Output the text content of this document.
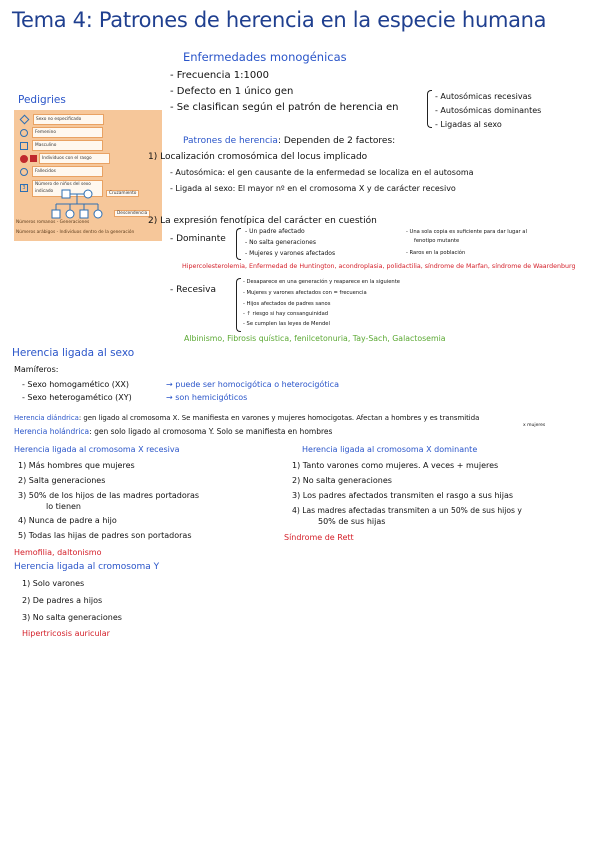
Tema 4: Patrones de herencia en la especie humana
Enfermedades monogénicas
- Frecuencia 1:1000
- Defecto en 1 único gen
- Se clasifican según el patrón de herencia en
- Autosómicas recesivas
- Autosómicas dominantes
- Ligadas al sexo
Pedigries
Sexo no especificado
Femenino
Masculino
Individuos con el rasgo
Fallecidos
3
Número de niños del sexo indicado	Cruzamiento
Descendencia
Números romanos - Generaciones
Números arábigos - Individuos dentro de la generación
Patrones de herencia: Dependen de 2 factores:
1) Localización cromosómica del locus implicado
- Autosómica: el gen causante de la enfermedad se localiza en el autosoma
- Ligada al sexo: El mayor nº en el cromosoma X y de carácter recesivo
2) La expresión fenotípica del carácter en cuestión
- Dominante
- Un padre afectado
- No salta generaciones
- Mujeres y varones afectados
- Una sola copia es suficiente para dar lugar al
fenotipo mutante
- Raros en la población
Hipercolesterolemia, Enfermedad de Huntington, acondroplasia, polidactilia, síndrome de Marfan, síndrome de Waardenburg
- Recesiva
- Desaparece en una generación y reaparece en la siguiente
- Mujeres y varones afectados con = frecuencia
- Hijos afectados de padres sanos
- ↑ riesgo si hay consanguinidad
- Se cumplen las leyes de Mendel
Albinismo, Fibrosis quística, fenilcetonuria, Tay-Sach, Galactosemia
Herencia ligada al sexo
Mamíferos:
- Sexo homogamético (XX)	→ puede ser homocigótica o heterocigótica
- Sexo heterogamético (XY)	→ son hemicigóticos
Herencia diándrica: gen ligado al cromosoma X. Se manifiesta en varones y mujeres homocigotas. Afectan a hombres y es transmitida
x mujeres
Herencia holándrica: gen solo ligado al cromosoma Y. Solo se manifiesta en hombres
Herencia ligada al cromosoma X recesiva
1) Más hombres que mujeres
2) Salta generaciones
3) 50% de los hijos de las madres portadoras
lo tienen
4) Nunca de padre a hijo
5) Todas las hijas de padres son portadoras
Hemofilia, daltonismo
Herencia ligada al cromosoma X dominante
1) Tanto varones como mujeres. A veces + mujeres
2) No salta generaciones
3) Los padres afectados transmiten el rasgo a sus hijas
4) Las madres afectadas transmiten a un 50% de sus hijos y
50% de sus hijas
Síndrome de Rett
Herencia ligada al cromosoma Y
1) Solo varones
2) De padres a hijos
3) No salta generaciones
Hipertricosis auricular
